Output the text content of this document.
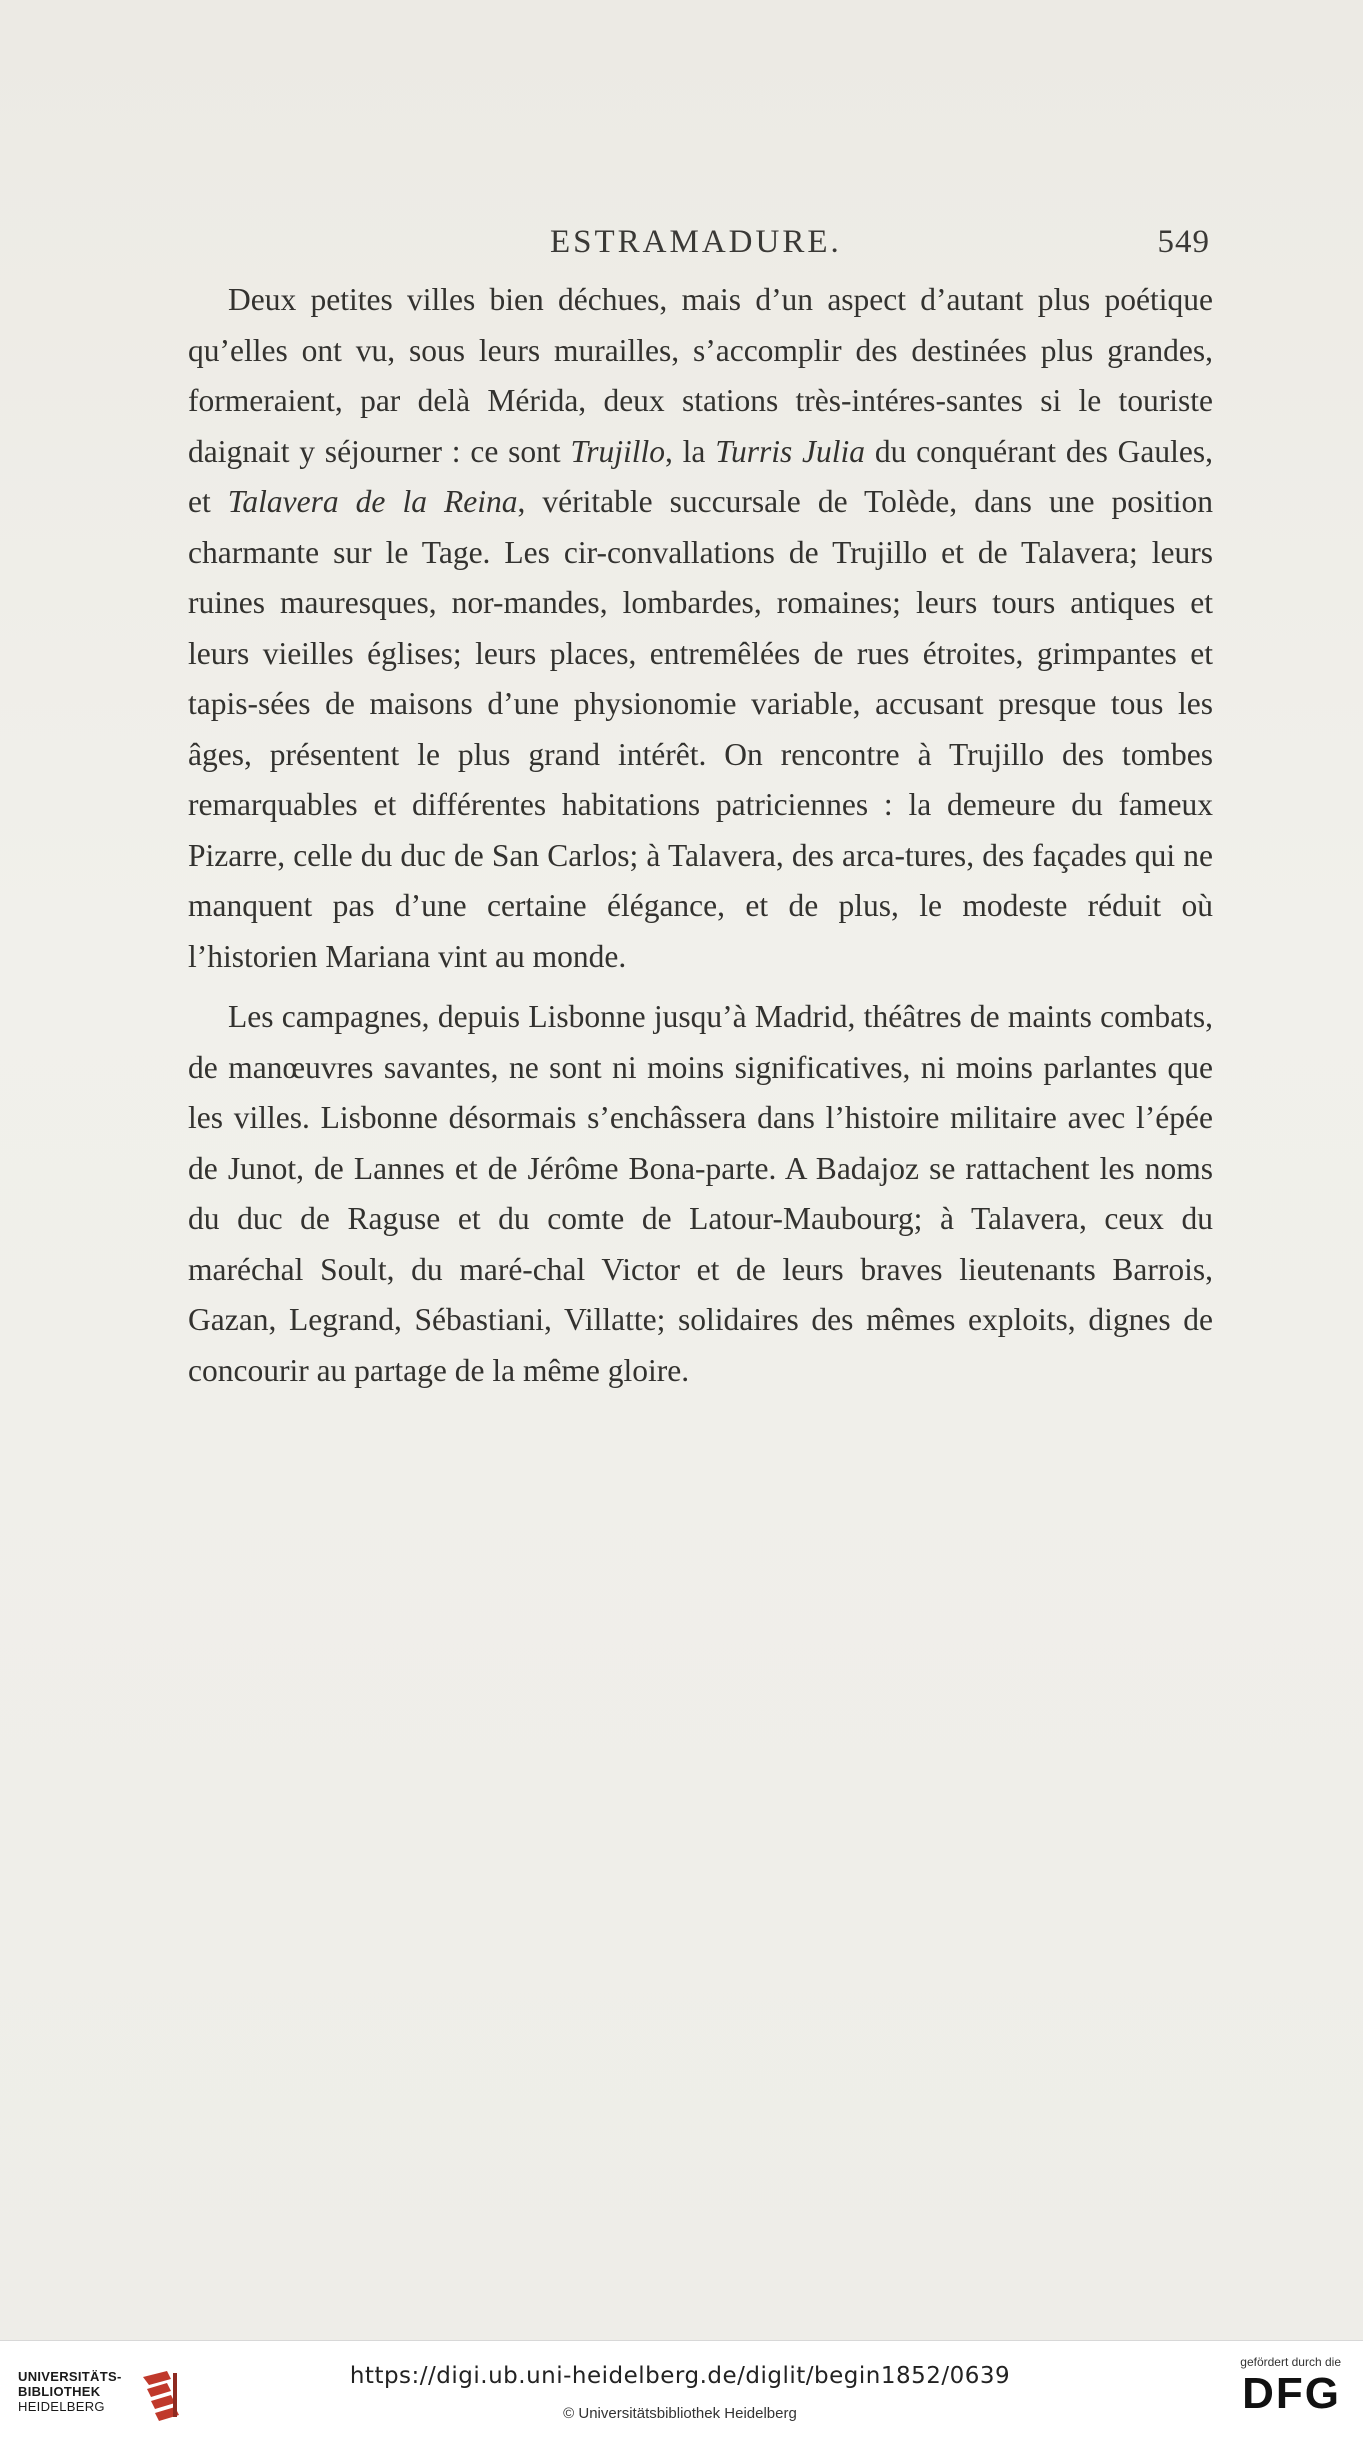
ESTRAMADURE.	549

Deux petites villes bien déchues, mais d’un aspect d’autant plus poétique qu’elles ont vu, sous leurs murailles, s’accomplir des destinées plus grandes, formeraient, par delà Mérida, deux stations très-intéres-santes si le touriste daignait y séjourner : ce sont Trujillo, la Turris Julia du conquérant des Gaules, et Talavera de la Reina, véritable succursale de Tolède, dans une position charmante sur le Tage. Les cir-convallations de Trujillo et de Talavera; leurs ruines mauresques, nor-mandes, lombardes, romaines; leurs tours antiques et leurs vieilles églises; leurs places, entremêlées de rues étroites, grimpantes et tapis-sées de maisons d’une physionomie variable, accusant presque tous les âges, présentent le plus grand intérêt. On rencontre à Trujillo des tombes remarquables et différentes habitations patriciennes : la demeure du fameux Pizarre, celle du duc de San Carlos; à Talavera, des arca-tures, des façades qui ne manquent pas d’une certaine élégance, et de plus, le modeste réduit où l’historien Mariana vint au monde.

Les campagnes, depuis Lisbonne jusqu’à Madrid, théâtres de maints combats, de manœuvres savantes, ne sont ni moins significatives, ni moins parlantes que les villes. Lisbonne désormais s’enchâssera dans l’histoire militaire avec l’épée de Junot, de Lannes et de Jérôme Bona-parte. A Badajoz se rattachent les noms du duc de Raguse et du comte de Latour-Maubourg; à Talavera, ceux du maréchal Soult, du maré-chal Victor et de leurs braves lieutenants Barrois, Gazan, Legrand, Sébastiani, Villatte; solidaires des mêmes exploits, dignes de concourir au partage de la même gloire.

UNIVERSITÄTS-
BIBLIOTHEK
HEIDELBERG
https://digi.ub.uni-heidelberg.de/diglit/begin1852/0639
© Universitätsbibliothek Heidelberg
gefördert durch die
DFG
